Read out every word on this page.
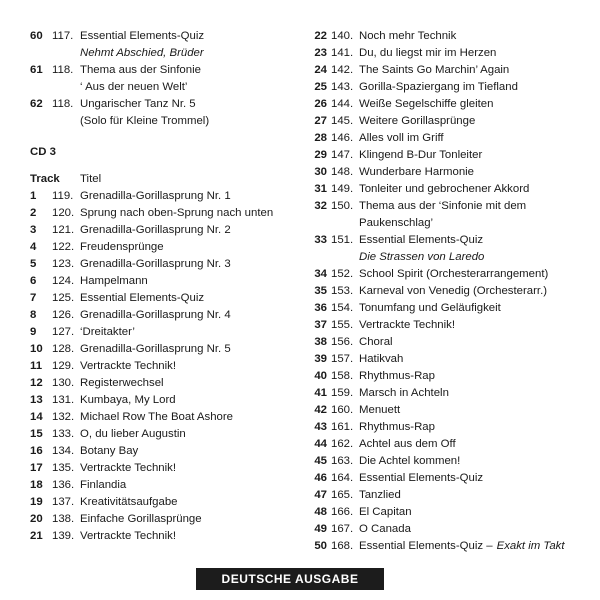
60 117. Essential Elements-Quiz
Nehmt Abschied, Brüder
61 118. Thema aus der Sinfonie
‘ Aus der neuen Welt’
62 118. Ungarischer Tanz Nr. 5
(Solo für Kleine Trommel)
CD 3
Track	Titel
1	119. Grenadilla-Gorillasprung Nr. 1
2	120. Sprung nach oben-Sprung nach unten
3	121. Grenadilla-Gorillasprung Nr. 2
4	122. Freudensprünge
5	123. Grenadilla-Gorillasprung Nr. 3
6	124. Hampelmann
7	125. Essential Elements-Quiz
8	126. Grenadilla-Gorillasprung Nr. 4
9	127. ‘Dreitakter’
10 128. Grenadilla-Gorillasprung Nr. 5
11 129. Vertrackte Technik!
12 130. Registerwechsel
13 131. Kumbaya, My Lord
14 132. Michael Row The Boat Ashore
15 133. O, du lieber Augustin
16 134. Botany Bay
17 135. Vertrackte Technik!
18 136. Finlandia
19 137. Kreativitätsaufgabe
20 138. Einfache Gorillasprünge
21 139. Vertrackte Technik!
22 140. Noch mehr Technik
23 141. Du, du liegst mir im Herzen
24 142. The Saints Go Marchin’ Again
25 143. Gorilla-Spaziergang im Tiefland
26 144. Weiße Segelschiffe gleiten
27 145. Weitere Gorillasprünge
28 146. Alles voll im Griff
29 147. Klingend B-Dur Tonleiter
30 148. Wunderbare Harmonie
31 149. Tonleiter und gebrochener Akkord
32 150. Thema aus der ‘Sinfonie mit dem
Paukenschlag’
33 151. Essential Elements-Quiz
Die Strassen von Laredo
34 152. School Spirit (Orchesterarrangement)
35 153. Karneval von Venedig (Orchesterarr.)
36 154. Tonumfang und Geläufigkeit
37 155. Vertrackte Technik!
38 156. Choral
39 157. Hatikvah
40 158. Rhythmus-Rap
41 159. Marsch in Achteln
42 160. Menuett
43 161. Rhythmus-Rap
44 162. Achtel aus dem Off
45 163. Die Achtel kommen!
46 164. Essential Elements-Quiz
47 165. Tanzlied
48 166. El Capitan
49 167. O Canada
50 168. Essential Elements-Quiz – Exakt im Takt
DEUTSCHE AUSGABE
